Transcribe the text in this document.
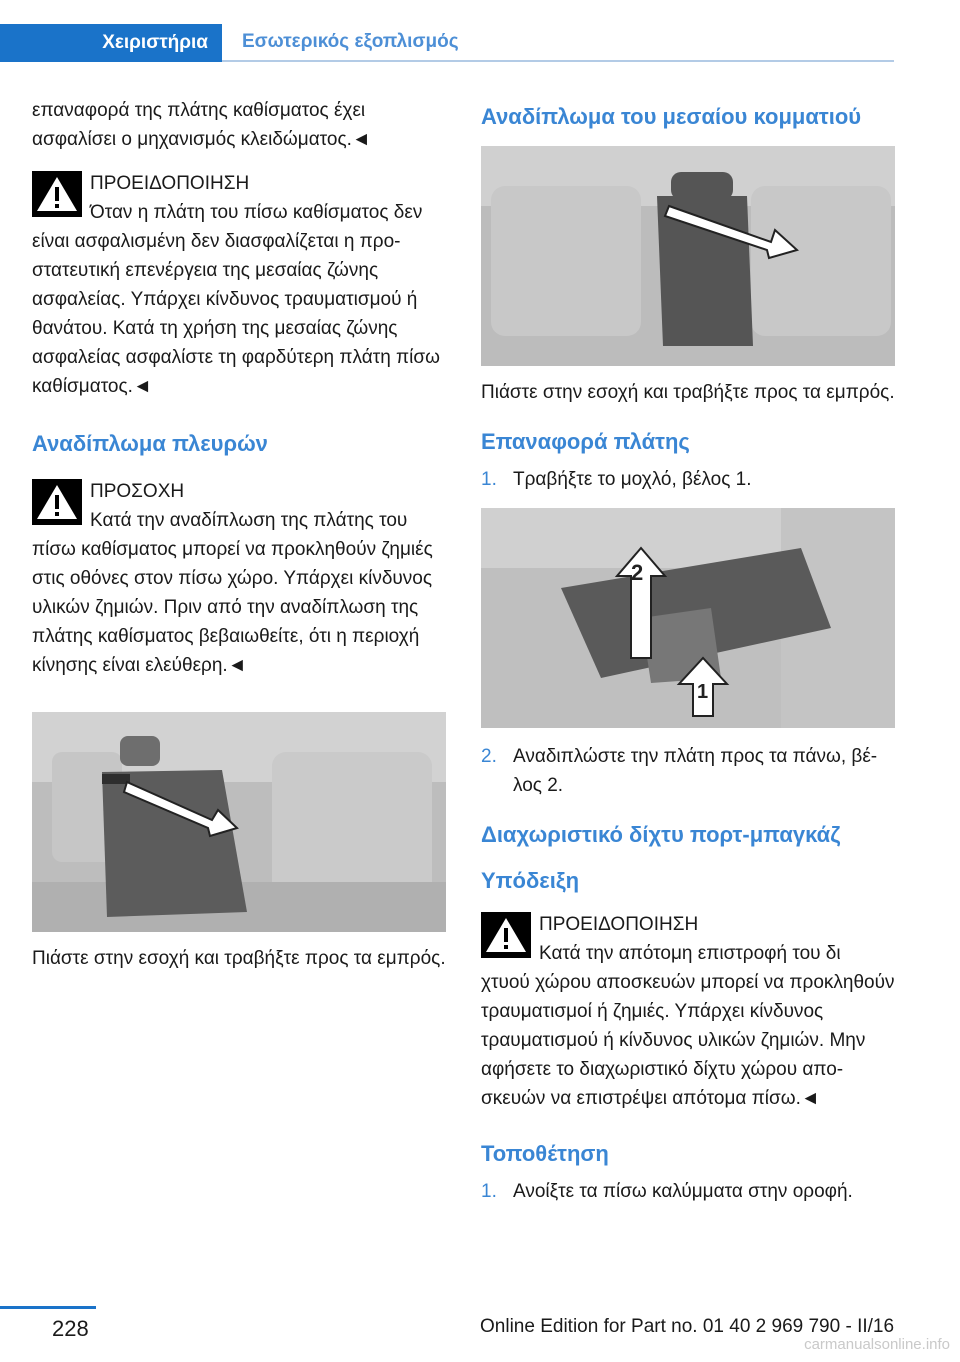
Χειριστήρια	Εσωτερικός εξοπλισμός

επαναφορά της πλάτης καθίσματος έχει ασφαλίσει ο μηχανισμός κλειδώματος.◄

ΠΡΟΕΙΔΟΠΟΙΗΣΗ

Όταν η πλάτη του πίσω καθίσματος δεν

είναι ασφαλισμένη δεν διασφαλίζεται η προστατευτική επενέργεια της μεσαίας ζώνης ασφαλείας. Υπάρχει κίνδυνος τραυματισμού ή θανάτου. Κατά τη χρήση της μεσαίας ζώνης ασφαλείας ασφαλίστε τη φαρδύτερη πλάτη πίσω καθίσματος.◄

Αναδίπλωμα πλευρών

ΠΡΟΣΟΧΗ

Κατά την αναδίπλωση της πλάτης του

πίσω καθίσματος μπορεί να προκληθούν ζημιές στις οθόνες στον πίσω χώρο. Υπάρχει κίνδυνος υλικών ζημιών. Πριν από την αναδίπλωση της πλάτης καθίσματος βεβαιωθείτε, ότι η περιοχή κίνησης είναι ελεύθερη.◄

Πιάστε στην εσοχή και τραβήξτε προς τα εμπρός.

Αναδίπλωμα του μεσαίου κομματιού

Πιάστε στην εσοχή και τραβήξτε προς τα εμπρός.

Επαναφορά πλάτης

1. Τραβήξτε το μοχλό, βέλος 1.
2
1
2. Αναδιπλώστε την πλάτη προς τα πάνω, βέλος 2.

Διαχωριστικό δίχτυ πορτ-μπαγκάζ

Υπόδειξη

ΠΡΟΕΙΔΟΠΟΙΗΣΗ

Κατά την απότομη επιστροφή του δι

χτυού χώρου αποσκευών μπορεί να προκληθούν τραυματισμοί ή ζημιές. Υπάρχει κίνδυνος τραυματισμού ή κίνδυνος υλικών ζημιών. Μην αφήσετε το διαχωριστικό δίχτυ χώρου αποσκευών να επιστρέψει απότομα πίσω.◄

Τοποθέτηση

1. Ανοίξτε τα πίσω καλύμματα στην οροφή.
228	Online Edition for Part no. 01 40 2 969 790 - II/16
carmanualsonline.info
